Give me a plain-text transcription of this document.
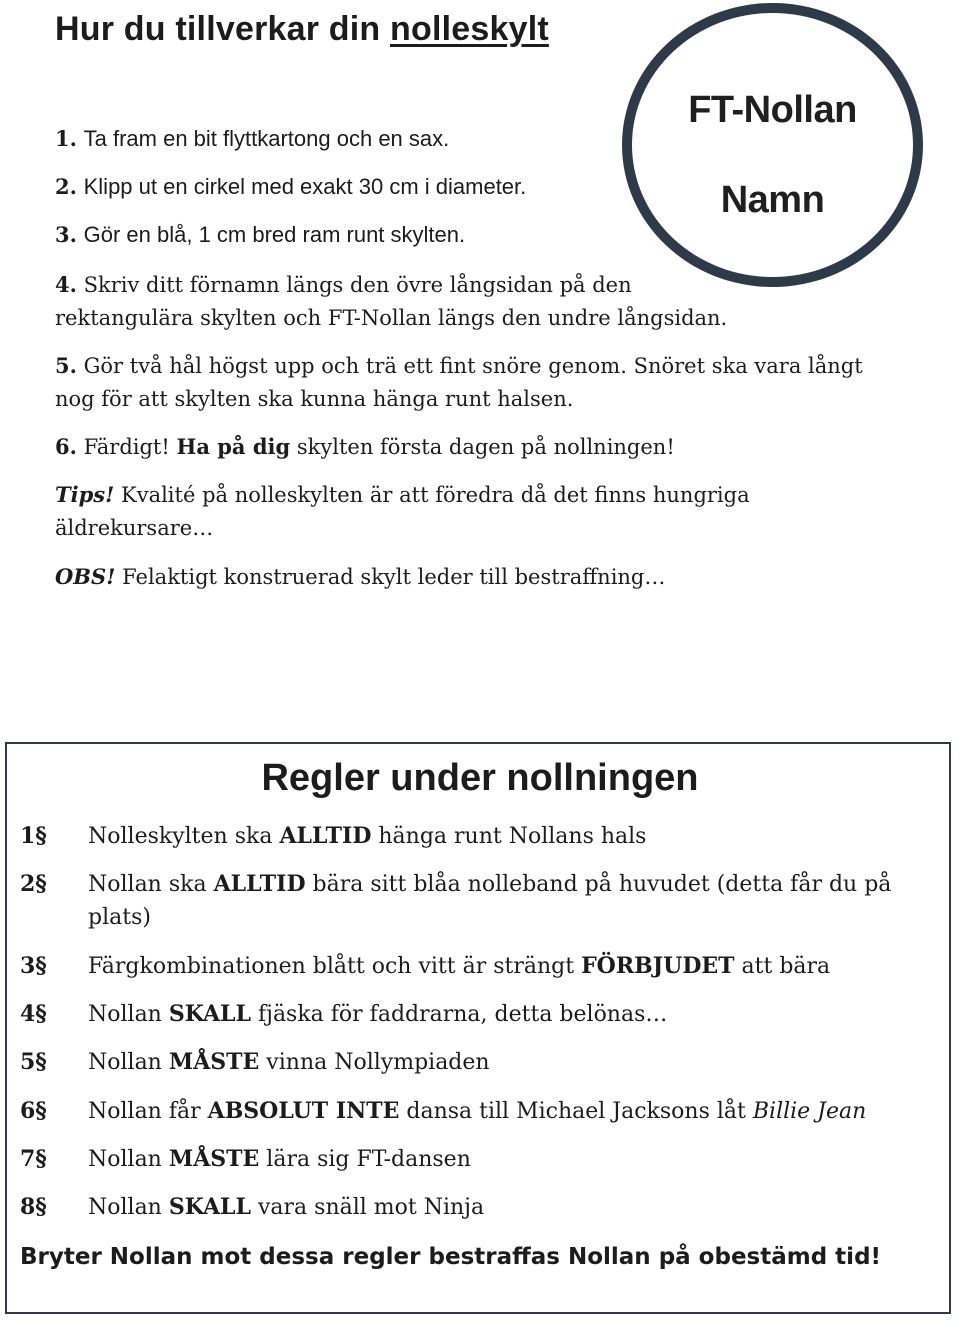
Hur du tillverkar din nolleskylt
FT-Nollan
Namn

1. Ta fram en bit flyttkartong och en sax.

2. Klipp ut en cirkel med exakt 30 cm i diameter.

3. Gör en blå, 1 cm bred ram runt skylten.

4. Skriv ditt förnamn längs den övre långsidan på den
rektangulära skylten och FT-Nollan längs den undre långsidan.

5. Gör två hål högst upp och trä ett fint snöre genom. Snöret ska vara långt
nog för att skylten ska kunna hänga runt halsen.

6. Färdigt! Ha på dig skylten första dagen på nollningen!

Tips! Kvalité på nolleskylten är att föredra då det finns hungriga
äldrekursare…

OBS! Felaktigt konstruerad skylt leder till bestraffning…

Regler under nollningen
1§ Nolleskylten ska ALLTID hänga runt Nollans hals
2§ Nollan ska ALLTID bära sitt blåa nolleband på huvudet (detta får du på
plats)
3§ Färgkombinationen blått och vitt är strängt FÖRBJUDET att bära
4§ Nollan SKALL fjäska för faddrarna, detta belönas…
5§ Nollan MÅSTE vinna Nollympiaden
6§ Nollan får ABSOLUT INTE dansa till Michael Jacksons låt Billie Jean
7§ Nollan MÅSTE lära sig FT-dansen
8§ Nollan SKALL vara snäll mot Ninja

Bryter Nollan mot dessa regler bestraffas Nollan på obestämd tid!
